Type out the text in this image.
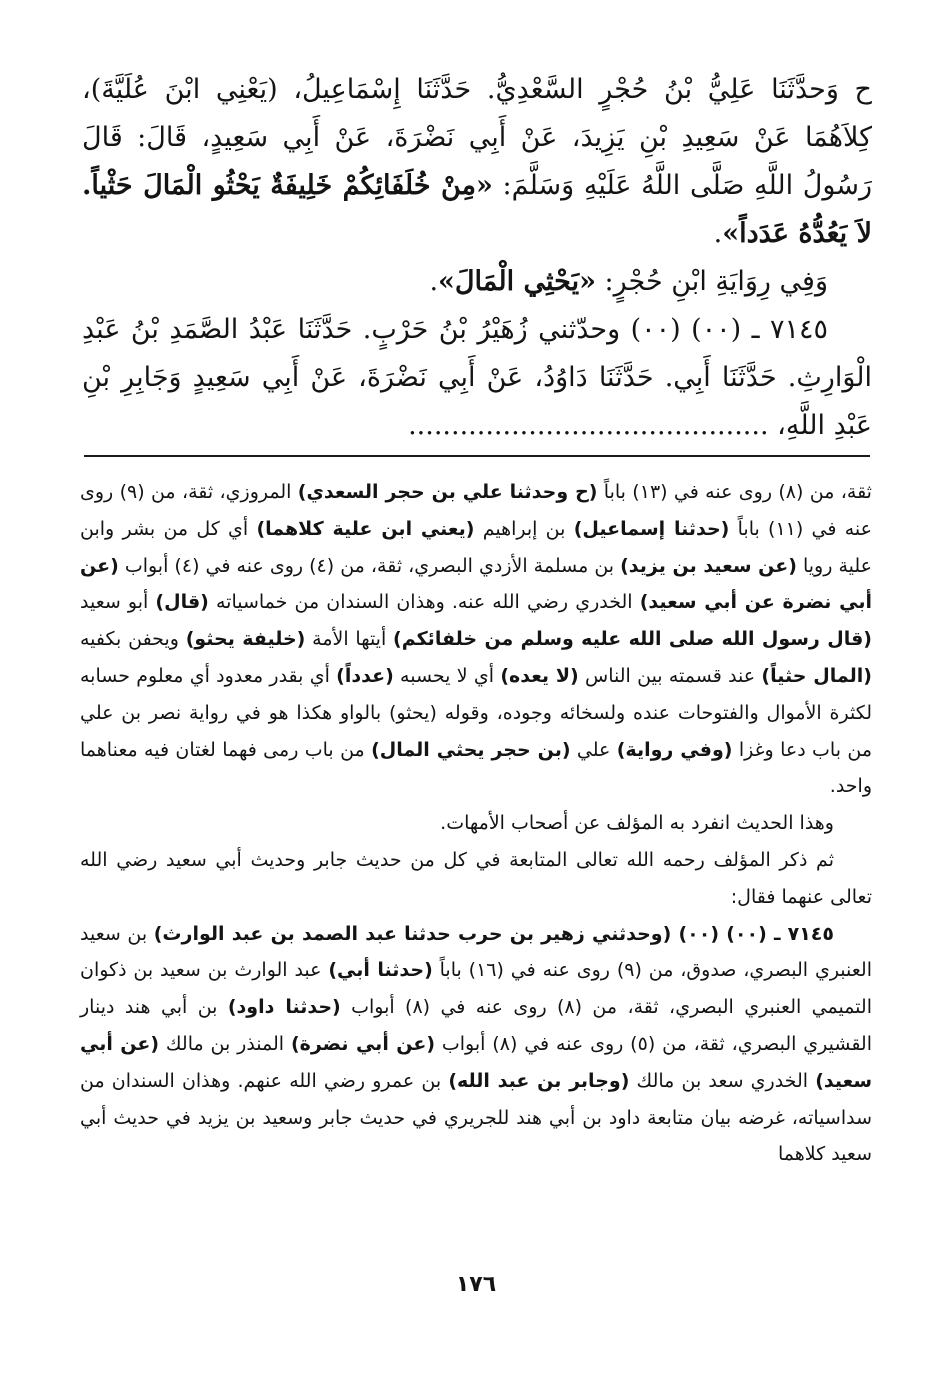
ح وَحدَّثَنَا عَلِيُّ بْنُ حُجْرٍ السَّعْدِيُّ. حَدَّثَنَا إِسْمَاعِيلُ، (يَعْنِي ابْنَ عُلَيَّةَ)، كِلاَهُمَا عَنْ سَعِيدِ بْنِ يَزِيدَ، عَنْ أَبِي نَضْرَةَ، عَنْ أَبِي سَعِيدٍ، قَالَ: قَالَ رَسُولُ اللَّهِ صَلَّى اللَّهُ عَلَيْهِ وَسَلَّمَ: «مِنْ خُلَفَائِكُمْ خَلِيفَةٌ يَحْثُو الْمَالَ حَثْياً. لاَ يَعُدُّهُ عَدَداً».

وَفِي رِوَايَةِ ابْنِ حُجْرٍ: «يَحْثِي الْمَالَ».

٧١٤٥ ـ (٠٠) (٠٠) وحدّثني زُهَيْرُ بْنُ حَرْبٍ. حَدَّثَنَا عَبْدُ الصَّمَدِ بْنُ عَبْدِ الْوَارِثِ. حَدَّثَنَا أَبِي. حَدَّثَنَا دَاوُدُ، عَنْ أَبِي نَضْرَةَ، عَنْ أَبِي سَعِيدٍ وَجَابِرِ بْنِ عَبْدِ اللَّهِ، ..........................................

ثقة، من (٨) روى عنه في (١٣) باباً (ح وحدثنا علي بن حجر السعدي) المروزي، ثقة، من (٩) روى عنه في (١١) باباً (حدثنا إسماعيل) بن إبراهيم (يعني ابن علية كلاهما) أي كل من بشر وابن علية رويا (عن سعيد بن يزيد) بن مسلمة الأزدي البصري، ثقة، من (٤) روى عنه في (٤) أبواب (عن أبي نضرة عن أبي سعيد) الخدري رضي الله عنه. وهذان السندان من خماسياته (قال) أبو سعيد (قال رسول الله صلى الله عليه وسلم من خلفائكم) أيتها الأمة (خليفة يحثو) ويحفن بكفيه (المال حثياً) عند قسمته بين الناس (لا يعده) أي لا يحسبه (عدداً) أي بقدر معدود أي معلوم حسابه لكثرة الأموال والفتوحات عنده ولسخائه وجوده، وقوله (يحثو) بالواو هكذا هو في رواية نصر بن علي من باب دعا وغزا (وفي رواية) علي (بن حجر يحثي المال) من باب رمى فهما لغتان فيه معناهما واحد.

وهذا الحديث انفرد به المؤلف عن أصحاب الأمهات.

ثم ذكر المؤلف رحمه الله تعالى المتابعة في كل من حديث جابر وحديث أبي سعيد رضي الله تعالى عنهما فقال:

٧١٤٥ ـ (٠٠) (٠٠) (وحدثني زهير بن حرب حدثنا عبد الصمد بن عبد الوارث) بن سعيد العنبري البصري، صدوق، من (٩) روى عنه في (١٦) باباً (حدثنا أبي) عبد الوارث بن سعيد بن ذكوان التميمي العنبري البصري، ثقة، من (٨) روى عنه في (٨) أبواب (حدثنا داود) بن أبي هند دينار القشيري البصري، ثقة، من (٥) روى عنه في (٨) أبواب (عن أبي نضرة) المنذر بن مالك (عن أبي سعيد) الخدري سعد بن مالك (وجابر بن عبد الله) بن عمرو رضي الله عنهم. وهذان السندان من سداسياته، غرضه بيان متابعة داود بن أبي هند للجريري في حديث جابر وسعيد بن يزيد في حديث أبي سعيد كلاهما

١٧٦
